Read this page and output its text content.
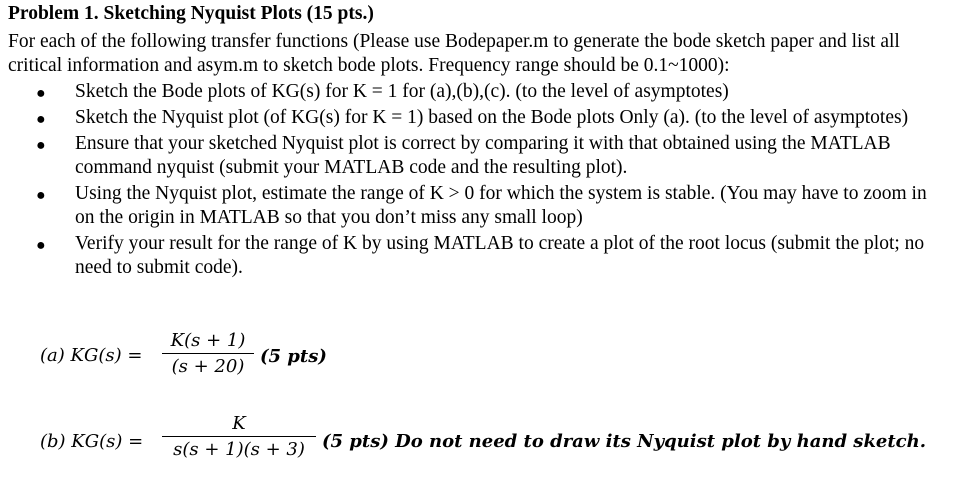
Problem 1. Sketching Nyquist Plots (15 pts.)
For each of the following transfer functions (Please use Bodepaper.m to generate the bode sketch paper and list all critical information and asym.m to sketch bode plots. Frequency range should be 0.1~1000):
● Sketch the Bode plots of KG(s) for K = 1 for (a),(b),(c). (to the level of asymptotes)
● Sketch the Nyquist plot (of KG(s) for K = 1) based on the Bode plots Only (a). (to the level of asymptotes)
● Ensure that your sketched Nyquist plot is correct by comparing it with that obtained using the MATLAB command nyquist (submit your MATLAB code and the resulting plot).
● Using the Nyquist plot, estimate the range of K > 0 for which the system is stable. (You may have to zoom in on the origin in MATLAB so that you don’t miss any small loop)
● Verify your result for the range of K by using MATLAB to create a plot of the root locus (submit the plot; no need to submit code).
(a) KG(s) =
K(s + 1)
(s + 20) (5 pts)
(b) KG(s) =
K
s(s + 1)(s + 3) (5 pts) Do not need to draw its Nyquist plot by hand sketch.
